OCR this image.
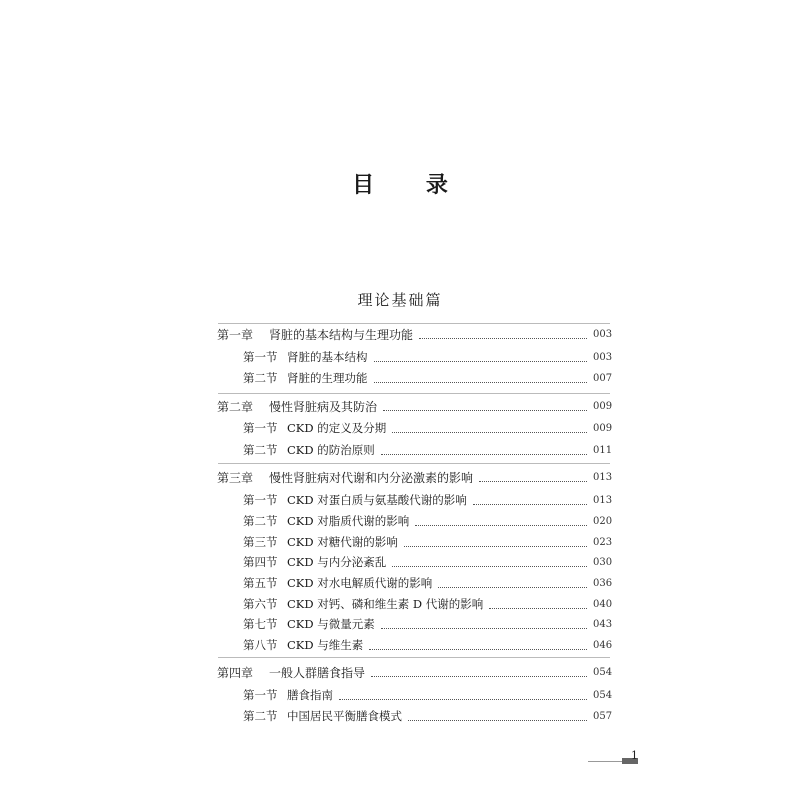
目 录
理论基础篇
第一章	肾脏的基本结构与生理功能	003
第一节 肾脏的基本结构	003
第二节 肾脏的生理功能	007
第二章	慢性肾脏病及其防治	009
第一节 CKD 的定义及分期	009
第二节 CKD 的防治原则	011
第三章	慢性肾脏病对代谢和内分泌激素的影响	013
第一节 CKD 对蛋白质与氨基酸代谢的影响	013
第二节 CKD 对脂质代谢的影响	020
第三节 CKD 对糖代谢的影响	023
第四节 CKD 与内分泌紊乱	030
第五节 CKD 对水电解质代谢的影响	036
第六节 CKD 对钙、磷和维生素 D 代谢的影响	040
第七节 CKD 与微量元素	043
第八节 CKD 与维生素	046
第四章	一般人群膳食指导	054
第一节 膳食指南	054
第二节 中国居民平衡膳食模式	057
1
